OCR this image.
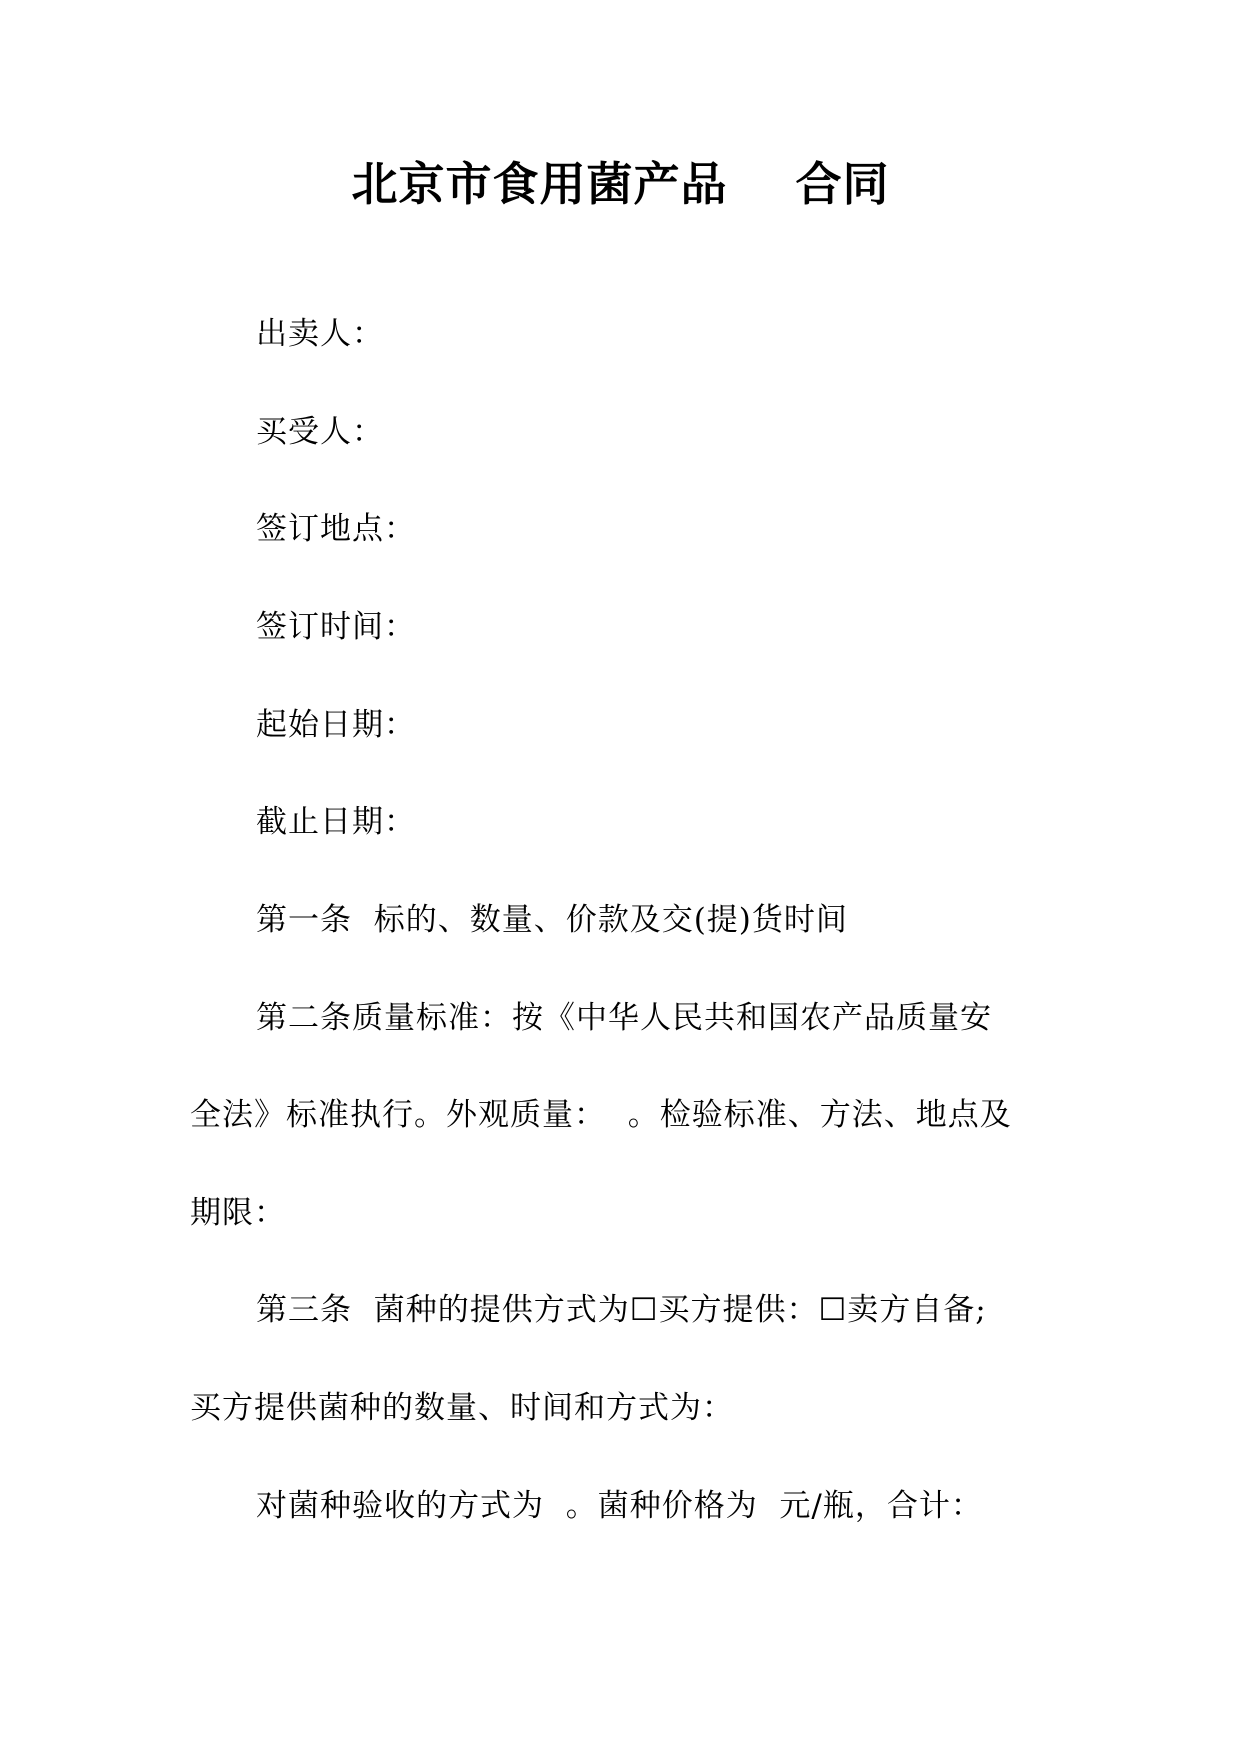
北京市食用菌产品    合同
出卖人：
买受人：
签订地点：
签订时间：
起始日期：
截止日期：
第一条  标的、数量、价款及交(提)货时间
第二条质量标准：按《中华人民共和国农产品质量安
全法》标准执行。外观质量：  。检验标准、方法、地点及
期限：
第三条  菌种的提供方式为☐买方提供：☐卖方自备;
买方提供菌种的数量、时间和方式为：
对菌种验收的方式为  。菌种价格为  元/瓶，合计：
